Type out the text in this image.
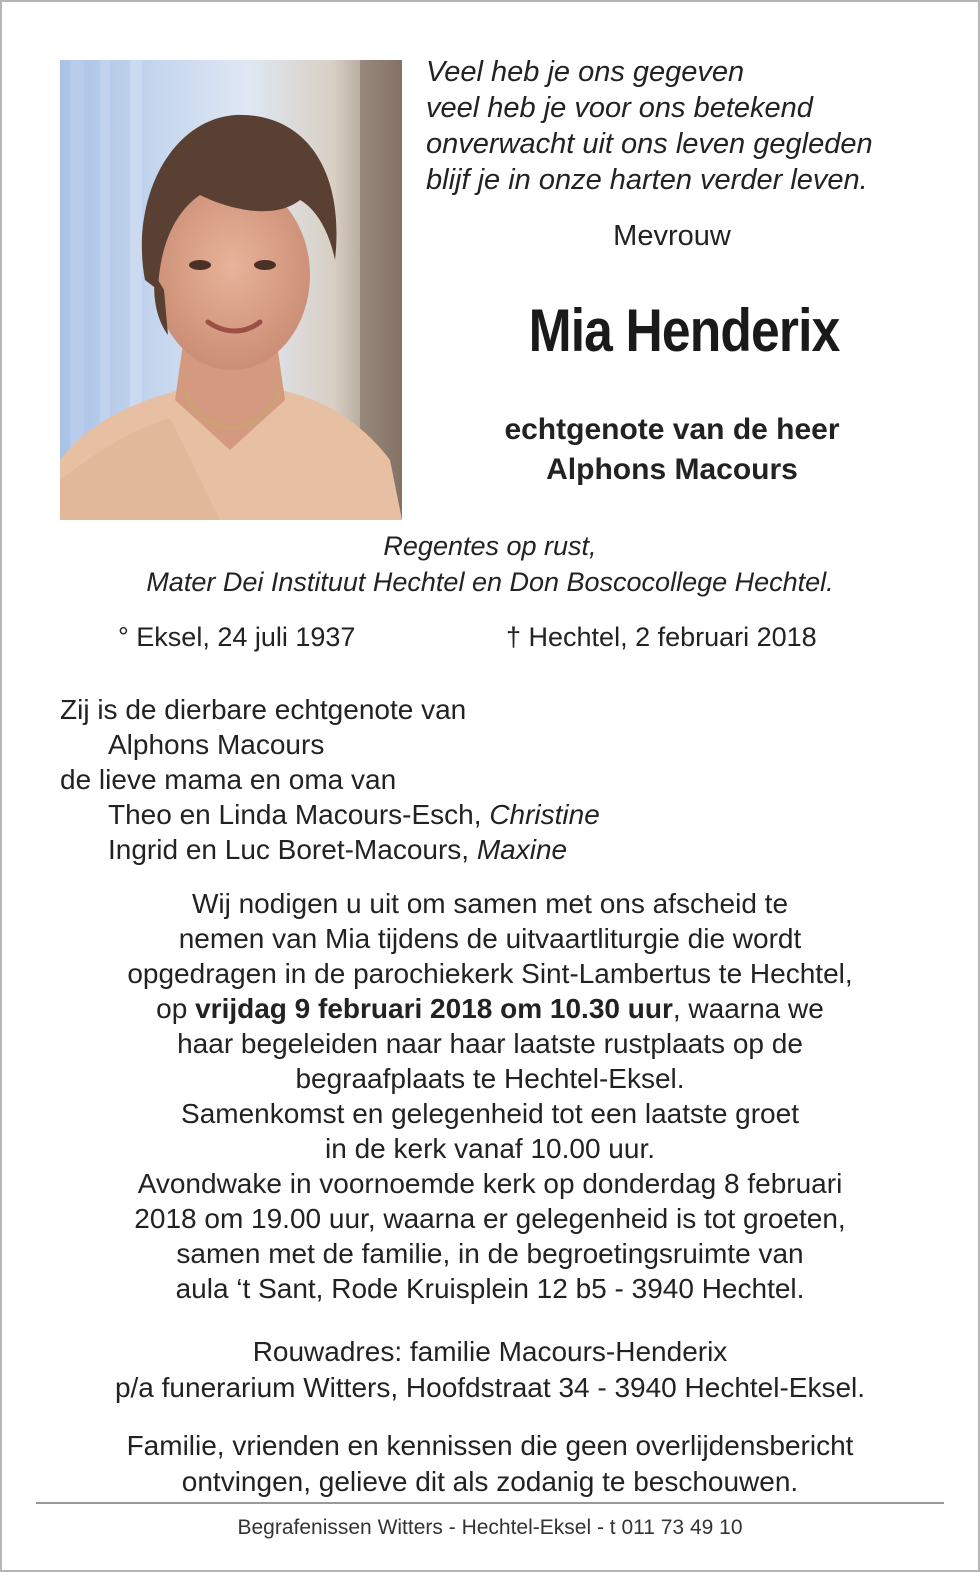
Veel heb je ons gegeven
veel heb je voor ons betekend
onverwacht uit ons leven gegleden
blijf je in onze harten verder leven.
Mevrouw
Mia Henderix
echtgenote van de heer
Alphons Macours
Regentes op rust,
Mater Dei Instituut Hechtel en Don Boscocollege Hechtel.
° Eksel, 24 juli 1937	† Hechtel, 2 februari 2018
Zij is de dierbare echtgenote van
Alphons Macours
de lieve mama en oma van
Theo en Linda Macours-Esch, Christine
Ingrid en Luc Boret-Macours, Maxine
Wij nodigen u uit om samen met ons afscheid te
nemen van Mia tijdens de uitvaartliturgie die wordt
opgedragen in de parochiekerk Sint-Lambertus te Hechtel,
op vrijdag 9 februari 2018 om 10.30 uur, waarna we
haar begeleiden naar haar laatste rustplaats op de
begraafplaats te Hechtel-Eksel.
Samenkomst en gelegenheid tot een laatste groet
in de kerk vanaf 10.00 uur.
Avondwake in voornoemde kerk op donderdag 8 februari
2018 om 19.00 uur, waarna er gelegenheid is tot groeten,
samen met de familie, in de begroetingsruimte van
aula ‘t Sant, Rode Kruisplein 12 b5 - 3940 Hechtel.
Rouwadres: familie Macours-Henderix
p/a funerarium Witters, Hoofdstraat 34 - 3940 Hechtel-Eksel.
Familie, vrienden en kennissen die geen overlijdensbericht
ontvingen, gelieve dit als zodanig te beschouwen.
Begrafenissen Witters - Hechtel-Eksel - t 011 73 49 10
